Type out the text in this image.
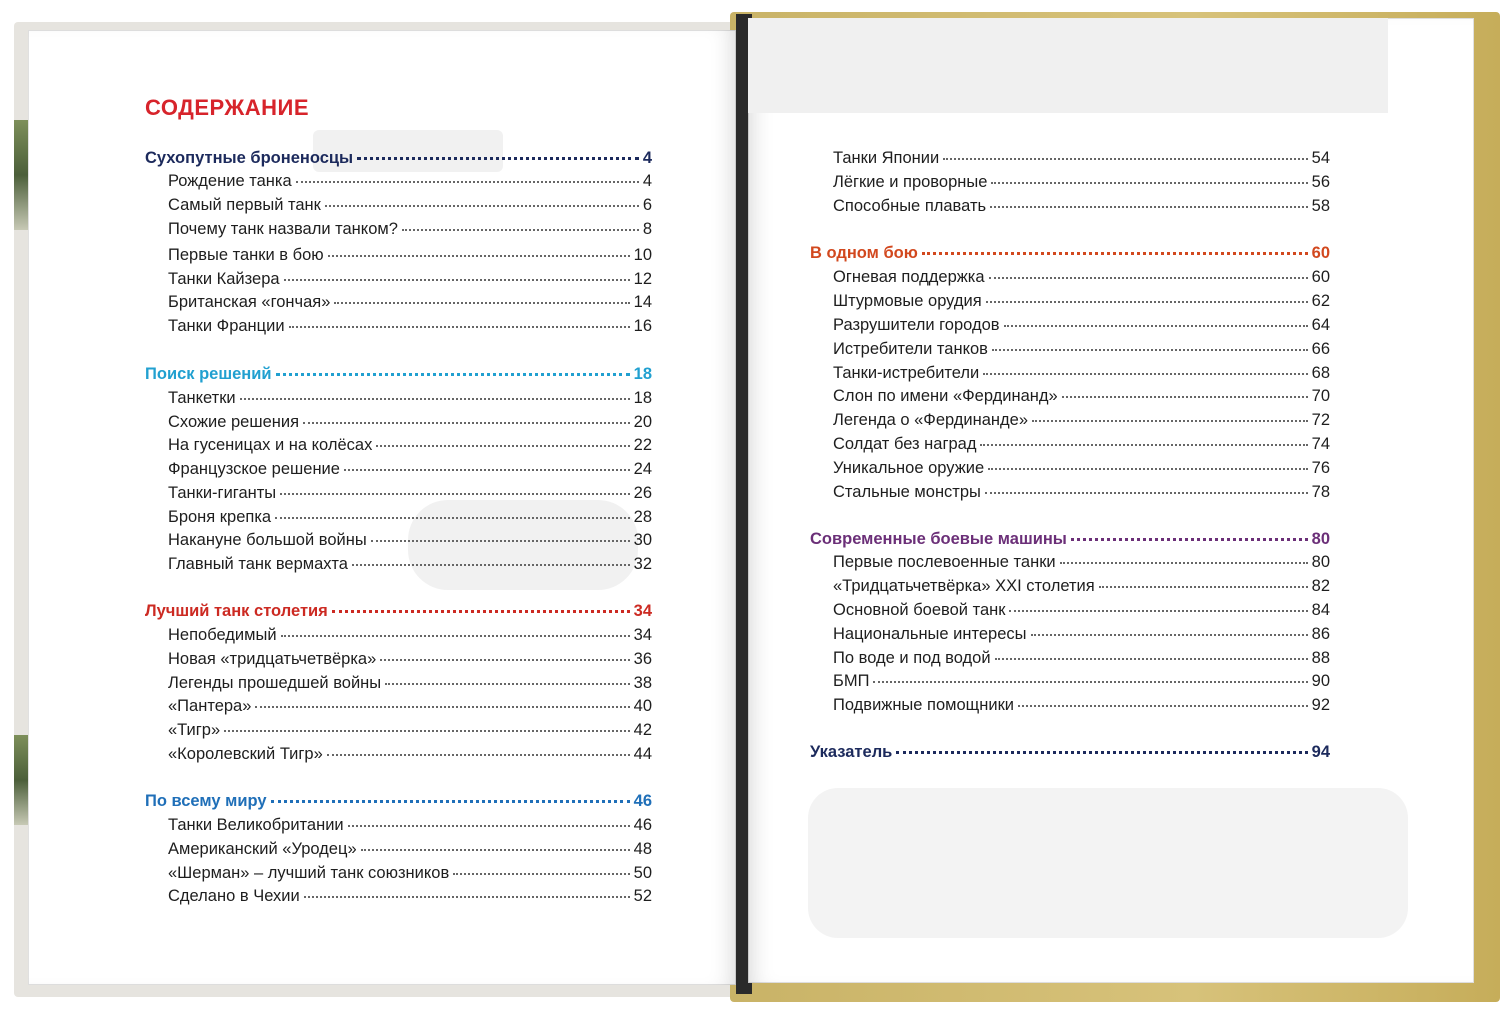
СОДЕРЖАНИЕ
Сухопутные броненосцы	4
Рождение танка	4
Самый первый танк	6
Почему танк назвали танком?	8
Первые танки в бою	10
Танки Кайзера	12
Британская «гончая»	14
Танки Франции	16
Поиск решений	18
Танкетки	18
Схожие решения	20
На гусеницах и на колёсах	22
Французское решение	24
Танки-гиганты	26
Броня крепка	28
Накануне большой войны	30
Главный танк вермахта	32
Лучший танк столетия	34
Непобедимый	34
Новая «тридцатьчетвёрка»	36
Легенды прошедшей войны	38
«Пантера»	40
«Тигр»	42
«Королевский Тигр»	44
По всему миру	46
Танки Великобритании	46
Американский «Уродец»	48
«Шерман» – лучший танк союзников	50
Сделано в Чехии	52
Танки Японии	54
Лёгкие и проворные	56
Способные плавать	58
В одном бою	60
Огневая поддержка	60
Штурмовые орудия	62
Разрушители городов	64
Истребители танков	66
Танки-истребители	68
Слон по имени «Фердинанд»	70
Легенда о «Фердинанде»	72
Солдат без наград	74
Уникальное оружие	76
Стальные монстры	78
Современные боевые машины	80
Первые послевоенные танки	80
«Тридцатьчетвёрка» XXI столетия	82
Основной боевой танк	84
Национальные интересы	86
По воде и под водой	88
БМП	90
Подвижные помощники	92
Указатель	94
